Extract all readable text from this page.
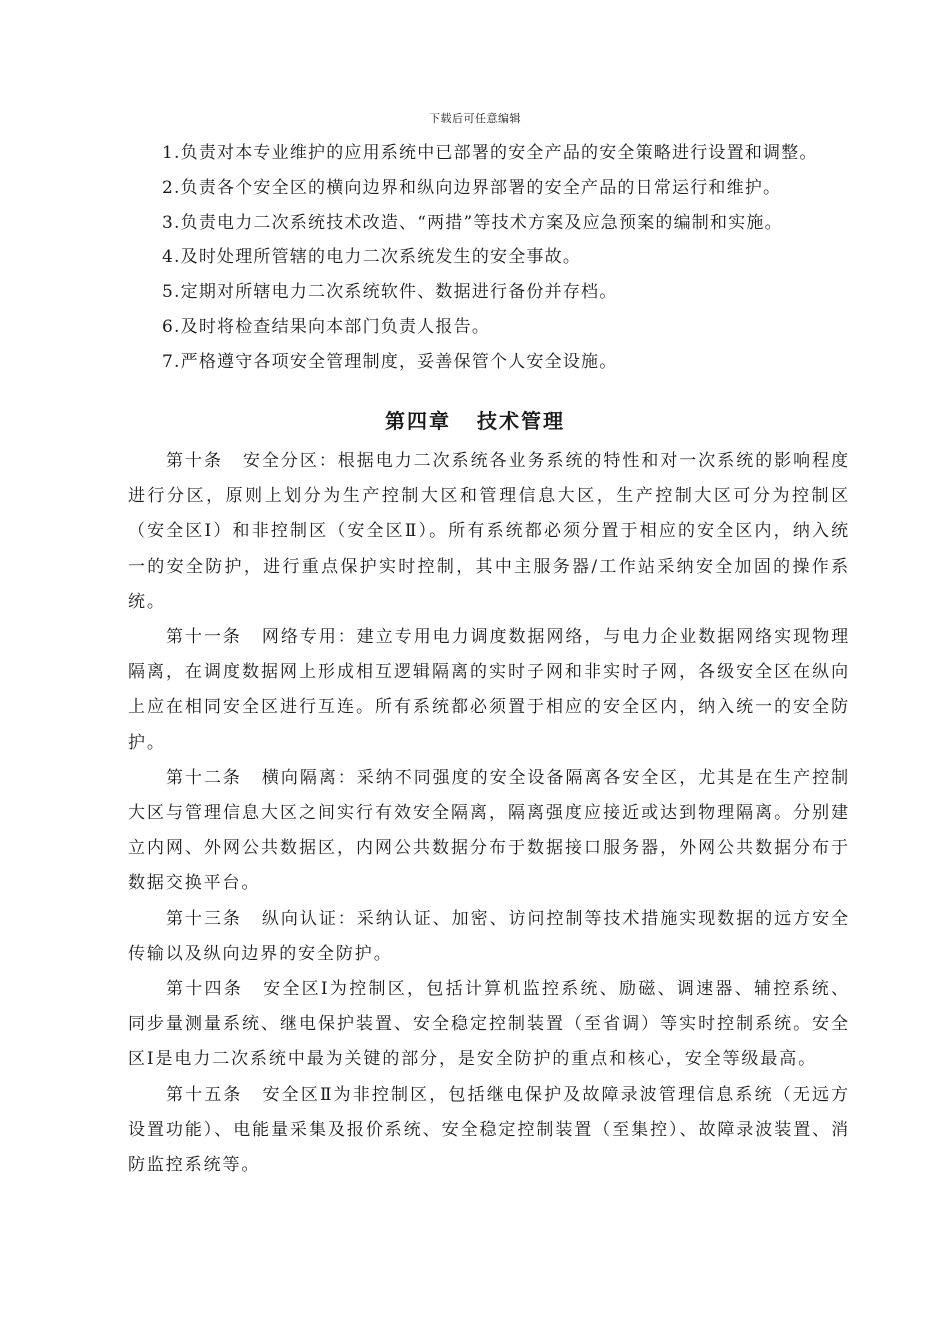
下载后可任意编辑
1.负责对本专业维护的应用系统中已部署的安全产品的安全策略进行设置和调整。
2.负责各个安全区的横向边界和纵向边界部署的安全产品的日常运行和维护。
3.负责电力二次系统技术改造、“两措”等技术方案及应急预案的编制和实施。
4.及时处理所管辖的电力二次系统发生的安全事故。
5.定期对所辖电力二次系统软件、数据进行备份并存档。
6.及时将检查结果向本部门负责人报告。
7.严格遵守各项安全管理制度，妥善保管个人安全设施。
第四章 技术管理

第十条 安全分区：根据电力二次系统各业务系统的特性和对一次系统的影响程度进行分区，原则上划分为生产控制大区和管理信息大区，生产控制大区可分为控制区（安全区Ⅰ）和非控制区（安全区Ⅱ）。所有系统都必须分置于相应的安全区内，纳入统一的安全防护，进行重点保护实时控制，其中主服务器/工作站采纳安全加固的操作系统。

第十一条 网络专用：建立专用电力调度数据网络，与电力企业数据网络实现物理隔离，在调度数据网上形成相互逻辑隔离的实时子网和非实时子网，各级安全区在纵向上应在相同安全区进行互连。所有系统都必须置于相应的安全区内，纳入统一的安全防护。

第十二条 横向隔离：采纳不同强度的安全设备隔离各安全区，尤其是在生产控制大区与管理信息大区之间实行有效安全隔离，隔离强度应接近或达到物理隔离。分别建立内网、外网公共数据区，内网公共数据分布于数据接口服务器，外网公共数据分布于数据交换平台。

第十三条 纵向认证：采纳认证、加密、访问控制等技术措施实现数据的远方安全传输以及纵向边界的安全防护。

第十四条 安全区Ⅰ为控制区，包括计算机监控系统、励磁、调速器、辅控系统、同步量测量系统、继电保护装置、安全稳定控制装置（至省调）等实时控制系统。安全区Ⅰ是电力二次系统中最为关键的部分，是安全防护的重点和核心，安全等级最高。

第十五条 安全区Ⅱ为非控制区，包括继电保护及故障录波管理信息系统（无远方设置功能）、电能量采集及报价系统、安全稳定控制装置（至集控）、故障录波装置、消防监控系统等。
